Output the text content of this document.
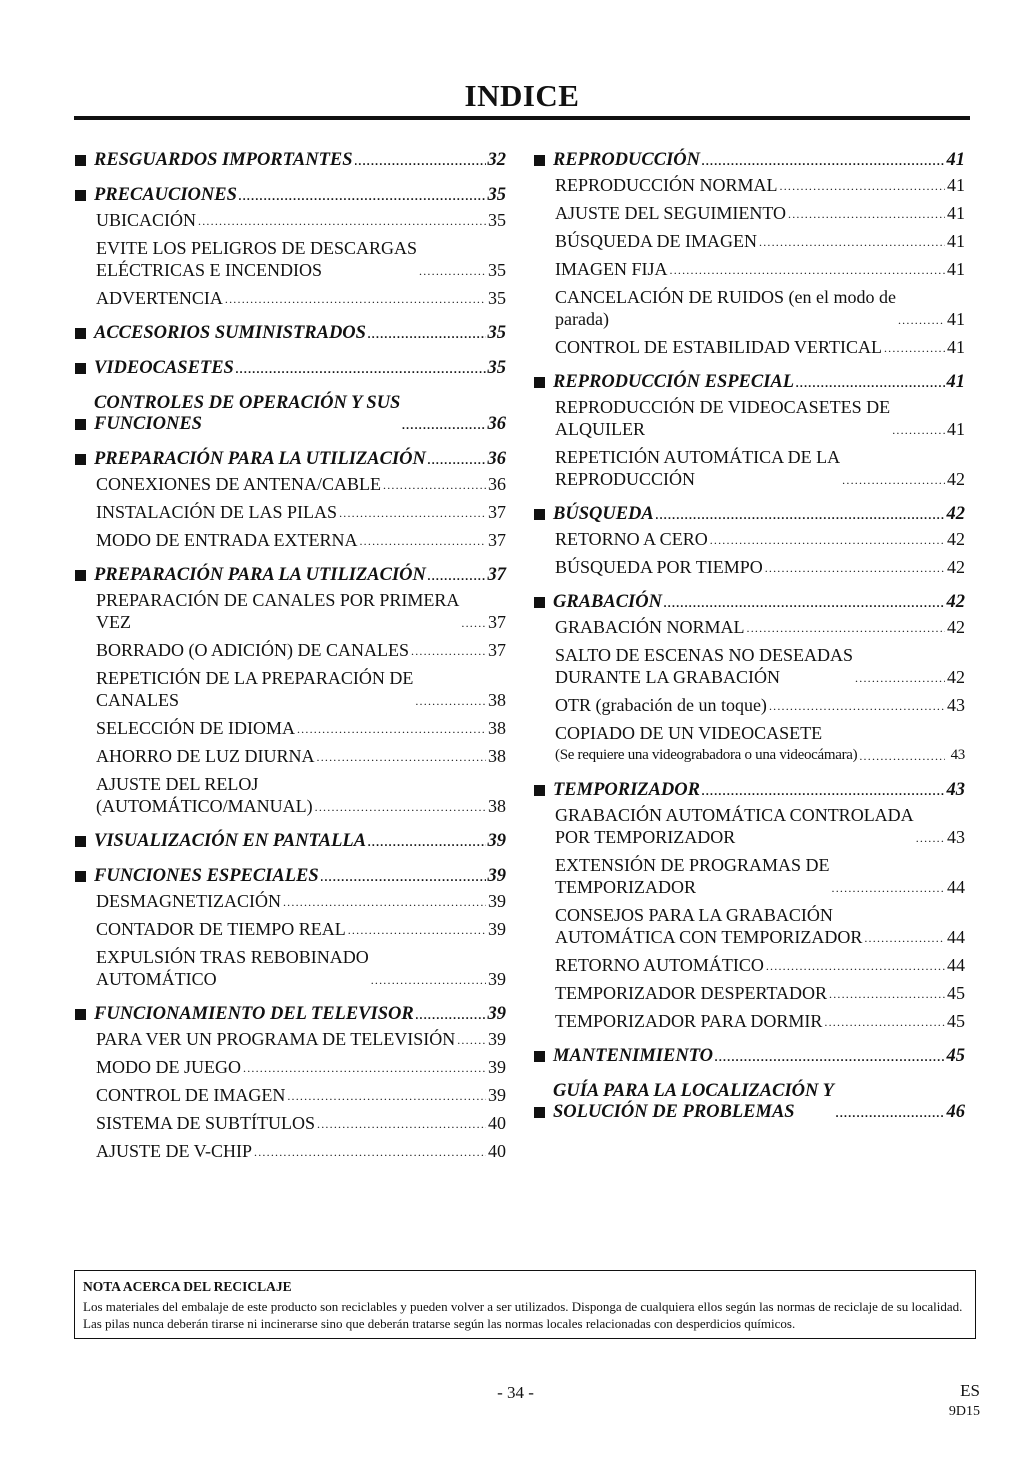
INDICE
RESGUARDOS IMPORTANTES .....	32
PRECAUCIONES .....	35
UBICACIÓN .....	35
EVITE LOS PELIGROS DE DESCARGAS
ELÉCTRICAS E INCENDIOS .....	35
ADVERTENCIA .....	35
ACCESORIOS SUMINISTRADOS .....	35
VIDEOCASETES .....	35
CONTROLES DE OPERACIÓN Y SUS
FUNCIONES .....	36
PREPARACIÓN PARA LA UTILIZACIÓN .....	36
CONEXIONES DE ANTENA/CABLE .....	36
INSTALACIÓN DE LAS PILAS .....	37
MODO DE ENTRADA EXTERNA .....	37
PREPARACIÓN PARA LA UTILIZACIÓN .....	37
PREPARACIÓN DE CANALES POR PRIMERA
VEZ .....	37
BORRADO (O ADICIÓN) DE CANALES .....	37
REPETICIÓN DE LA PREPARACIÓN DE
CANALES .....	38
SELECCIÓN DE IDIOMA .....	38
AHORRO DE LUZ DIURNA .....	38
AJUSTE DEL RELOJ
(AUTOMÁTICO/MANUAL) .....	38
VISUALIZACIÓN EN PANTALLA .....	39
FUNCIONES ESPECIALES .....	39
DESMAGNETIZACIÓN .....	39
CONTADOR DE TIEMPO REAL .....	39
EXPULSIÓN TRAS REBOBINADO
AUTOMÁTICO .....	39
FUNCIONAMIENTO DEL TELEVISOR .....	39
PARA VER UN PROGRAMA DE TELEVISIÓN ..... 39
MODO DE JUEGO .....	39
CONTROL DE IMAGEN .....	39
SISTEMA DE SUBTÍTULOS .....	40
AJUSTE DE V-CHIP .....	40
REPRODUCCIÓN .....	41
REPRODUCCIÓN NORMAL .....	41
AJUSTE DEL SEGUIMIENTO .....	41
BÚSQUEDA DE IMAGEN .....	41
IMAGEN FIJA .....	41
CANCELACIÓN DE RUIDOS (en el modo de
parada) .....	41
CONTROL DE ESTABILIDAD VERTICAL .....	41
REPRODUCCIÓN ESPECIAL .....	41
REPRODUCCIÓN DE VIDEOCASETES DE
ALQUILER .....	41
REPETICIÓN AUTOMÁTICA DE LA
REPRODUCCIÓN .....	42
BÚSQUEDA .....	42
RETORNO A CERO .....	42
BÚSQUEDA POR TIEMPO .....	42
GRABACIÓN .....	42
GRABACIÓN NORMAL .....	42
SALTO DE ESCENAS NO DESEADAS
DURANTE LA GRABACIÓN .....	42
OTR (grabación de un toque) .....	43
COPIADO DE UN VIDEOCASETE
(Se requiere una videograbadora o una videocámara) .....	43
TEMPORIZADOR .....	43
GRABACIÓN AUTOMÁTICA CONTROLADA
POR TEMPORIZADOR .....	43
EXTENSIÓN DE PROGRAMAS DE
TEMPORIZADOR .....	44
CONSEJOS PARA LA GRABACIÓN
AUTOMÁTICA CON TEMPORIZADOR .....	44
RETORNO AUTOMÁTICO .....	44
TEMPORIZADOR DESPERTADOR .....	45
TEMPORIZADOR PARA DORMIR .....	45
MANTENIMIENTO .....	45
GUÍA PARA LA LOCALIZACIÓN Y
SOLUCIÓN DE PROBLEMAS .....	46
NOTA ACERCA DEL RECICLAJE
Los materiales del embalaje de este producto son reciclables y pueden volver a ser utilizados. Disponga de cualquiera ellos según las normas de reciclaje de su localidad.
Las pilas nunca deberán tirarse ni incinerarse sino que deberán tratarse según las normas locales relacionadas con desperdicios químicos.
- 34 -	ES
9D15
